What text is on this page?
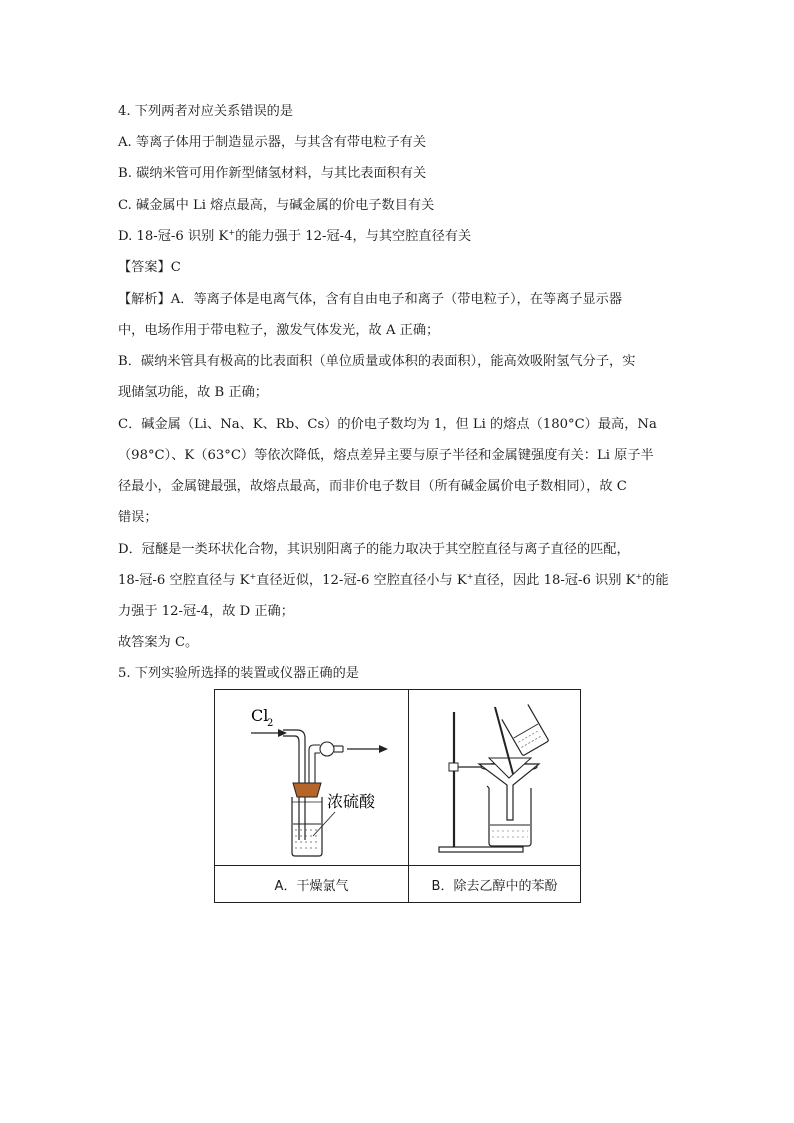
4. 下列两者对应关系错误的是
A. 等离子体用于制造显示器，与其含有带电粒子有关
B. 碳纳米管可用作新型储氢材料，与其比表面积有关
C. 碱金属中 Li 熔点最高，与碱金属的价电子数目有关
D. 18-冠-6 识别 K+的能力强于 12-冠-4，与其空腔直径有关
【答案】C
【解析】A．等离子体是电离气体，含有自由电子和离子（带电粒子），在等离子显示器
中，电场作用于带电粒子，激发气体发光，故 A 正确；
B．碳纳米管具有极高的比表面积（单位质量或体积的表面积），能高效吸附氢气分子，实
现储氢功能，故 B 正确；
C．碱金属（Li、Na、K、Rb、Cs）的价电子数均为 1，但 Li 的熔点（180°C）最高，Na
（98°C）、K（63°C）等依次降低，熔点差异主要与原子半径和金属键强度有关：Li 原子半
径最小，金属键最强，故熔点最高，而非价电子数目（所有碱金属价电子数相同），故 C
错误；
D．冠醚是一类环状化合物，其识别阳离子的能力取决于其空腔直径与离子直径的匹配，
18-冠-6 空腔直径与 K+直径近似，12-冠-6 空腔直径小与 K+直径，因此 18-冠-6 识别 K+的能
力强于 12-冠-4，故 D 正确；
故答案为 C。
5. 下列实验所选择的装置或仪器正确的是
Cl
2
浓硫酸

A．干燥氯气	B．除去乙醇中的苯酚
